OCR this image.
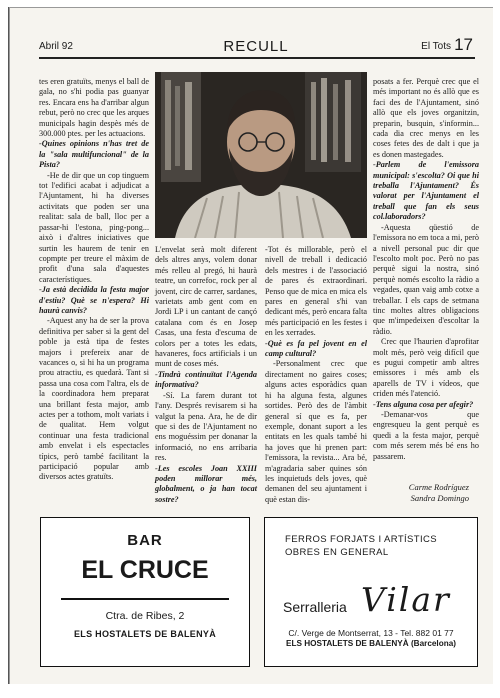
Abril 92	RECULL	El Tots 17

tes eren gratuïts, menys el ball de gala, no s'hi podia pas guanyar res. Encara ens ha d'arribar algun rebut, però no crec que les arques municipals hagin despès més de 300.000 ptes. per les actuacions.

-Quines opinions n'has tret de la "sala multifuncional" de la Pista?

-He de dir que un cop tinguem tot l'edifici acabat i adjudicat a l'Ajuntament, hi ha diverses activitats que poden ser una realitat: sala de ball, lloc per a passar-hi l'estona, ping-pong... això i d'altres iniciatives que surtin les haurem de tenir en copmpte per treure el màxim de profit d'una sala d'aquestes característiques.

-Ja està decidida la festa major d'estiu? Què se n'espera? Hi haurà canvis?

-Aquest any ha de ser la prova definitiva per saber si la gent del poble ja està tipa de festes majors i prefereix anar de vacances o, si hi ha un programa prou atractiu, es quedarà. Tant si passa una cosa com l'altra, els de la coordinadora hem preparat una brillant festa major, amb actes per a tothom, molt variats i de qualitat. Hem volgut continuar una festa tradicional amb envelat i els espectacles típics, però també facilitant la participació popular amb diversos actes gratuïts.

L'envelat serà molt diferent dels altres anys, volem donar més relleu al pregó, hi haurà teatre, un correfoc, rock per al jovent, circ de carrer, sardanes, varietats amb gent com en Jordi LP i un cantant de cançó catalana com és en Josep Casas, una festa d'escuma de colors per a totes les edats, havaneres, focs artificials i un munt de coses més.

-Tindrà continuïtat l'Agenda informativa?

-Sí. La farem durant tot l'any. Després revisarem si ha valgut la pena. Ara, he de dir que si des de l'Ajuntament no ens moguéssim per donanar la informació, no ens arribaria res.

-Les escoles Joan XXIII poden millorar més, globalment, o ja han tocat sostre?

-Tot és millorable, però el nivell de treball i dedicació dels mestres i de l'associació de pares és extraordinari. Penso que de mica en mica els pares en general s'hi van dedicant més, però encara falta més participació en les festes i en les xerrades.

-Què es fa pel jovent en el camp cultural?

-Personalment crec que directament no gaires coses; alguns actes esporàdics quan hi ha alguna festa, algunes sortides. Però des de l'àmbit general sí que es fa, per exemple, donant suport a les entitats en les quals també hi ha joves que hi prenen part: l'emissora, la revista... Ara bé, m'agradaria saber quines són les inquietuds dels joves, què demanen del seu ajuntament i què estan dis-

posats a fer. Perquè crec que el més important no és allò que es faci des de l'Ajuntament, sinó allò que els joves organitzin, preparin, busquin, s'informin... cada dia crec menys en les coses fetes des de dalt i que ja es donen mastegades.

-Parlem de l'emissora municipal: s'escolta? Oi que hi treballa l'Ajuntament? És valorat per l'Ajuntament el treball que fan els seus col.laboradors?

-Aquesta qüestió de l'emissora no em toca a mi, però a nivell personal puc dir que l'escolto molt poc. Però no pas perquè sigui la nostra, sinó perquè només escolto la ràdio a vegades, quan vaig amb cotxe a treballar. I els caps de setmana tinc moltes altres obligacions que m'impedeixen d'escoltar la ràdio.

Crec que l'haurien d'aprofitar molt més, però veig difícil que es pugui competir amb altres emissores i més amb els aparells de TV i vídeos, que criden més l'atenció.

-Tens alguna cosa per afegir?

-Demanar-vos que engresqueu la gent perquè es quedi a la festa major, perquè com més serem més bé ens ho passarem.

Carme Rodríguez
Sandra Domingo
BAR
EL CRUCE
Ctra. de Ribes, 2
ELS HOSTALETS DE BALENYÀ
FERROS FORJATS I ARTÍSTICS
OBRES EN GENERAL
Serralleria Vilar
C/. Verge de Montserrat, 13 - Tel. 882 01 77
ELS HOSTALETS DE BALENYÀ (Barcelona)
